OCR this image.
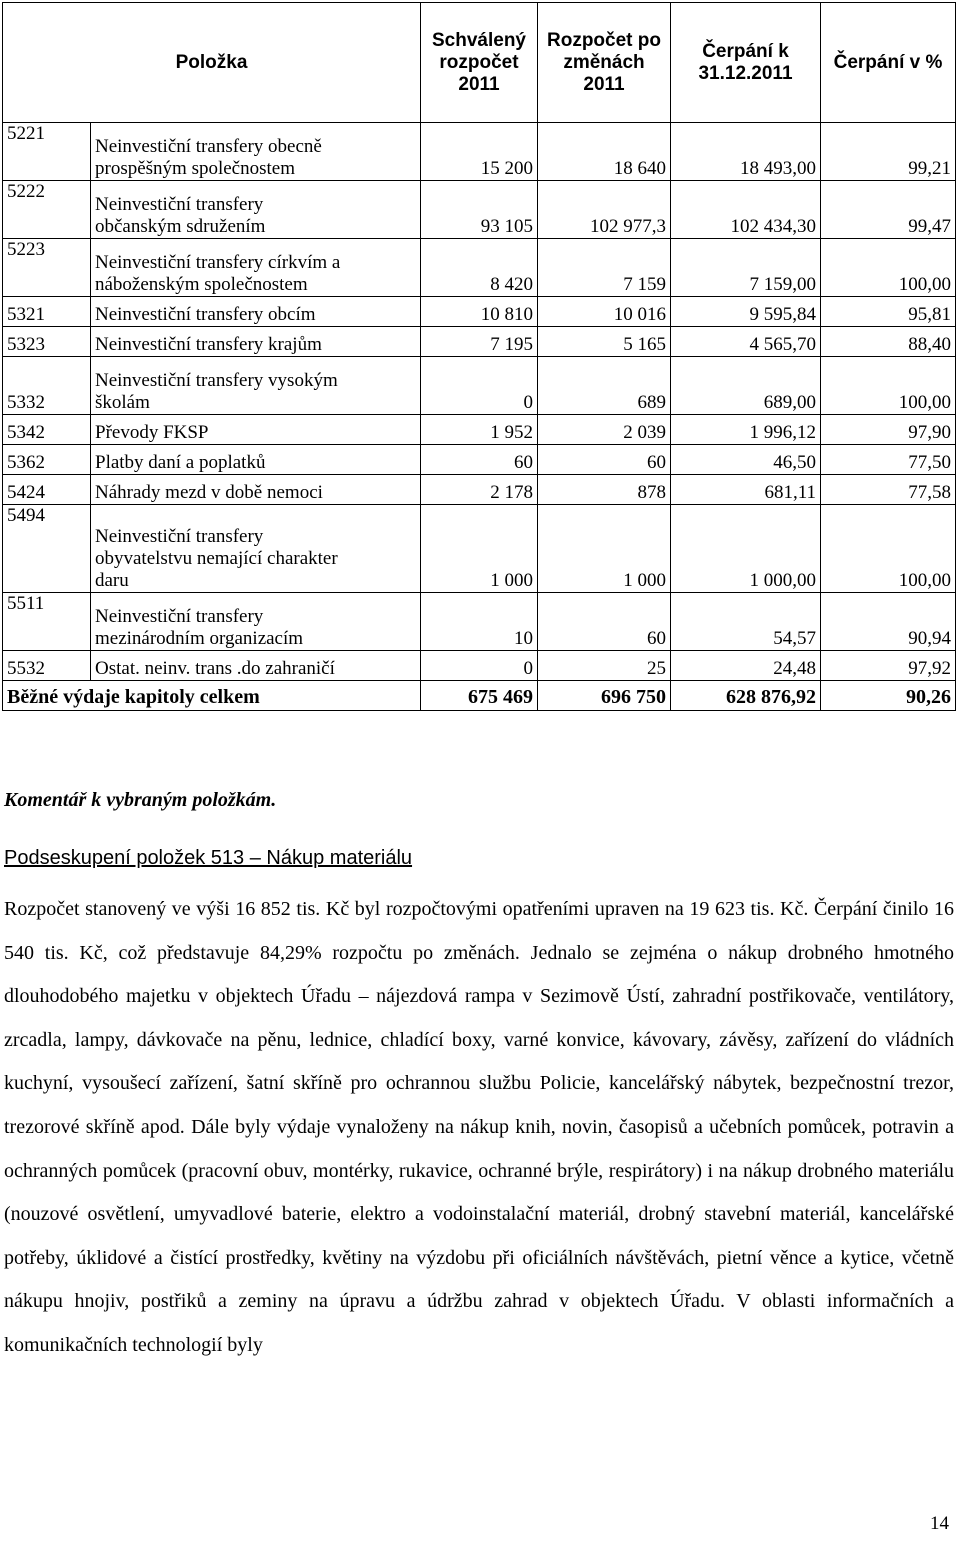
Položka		Schválený rozpočet 2011	Rozpočet po změnách 2011	Čerpání k 31.12.2011	Čerpání v %
5221	Neinvestiční transfery obecně
prospěšným společnostem	15 200	18 640	18 493,00	99,21
5222	Neinvestiční transfery
občanským sdružením	93 105	102 977,3	102 434,30	99,47
5223	Neinvestiční transfery církvím a
náboženským společnostem	8 420	7 159	7 159,00	100,00
5321	Neinvestiční transfery obcím	10 810	10 016	9 595,84	95,81
5323	Neinvestiční transfery krajům	7 195	5 165	4 565,70	88,40
5332	Neinvestiční transfery vysokým
školám	0	689	689,00	100,00
5342	Převody FKSP	1 952	2 039	1 996,12	97,90
5362	Platby daní a poplatků	60	60	46,50	77,50
5424	Náhrady mezd v době nemoci	2 178	878	681,11	77,58
5494	Neinvestiční transfery
obyvatelstvu nemající charakter
daru	1 000	1 000	1 000,00	100,00
5511	Neinvestiční transfery
mezinárodním organizacím	10	60	54,57	90,94
5532	Ostat. neinv. trans .do zahraničí	0	25	24,48	97,92
Běžné výdaje kapitoly celkem		675 469	696 750	628 876,92	90,26
Komentář k vybraným položkám.
Podseskupení položek 513 – Nákup materiálu
Rozpočet stanovený ve výši 16 852 tis. Kč byl rozpočtovými opatřeními upraven na 19 623 tis. Kč. Čerpání činilo 16 540 tis. Kč, což představuje 84,29% rozpočtu po změnách. Jednalo se zejména o nákup drobného hmotného dlouhodobého majetku v objektech Úřadu – nájezdová rampa v Sezimově Ústí, zahradní postřikovače, ventilátory, zrcadla, lampy, dávkovače na pěnu, lednice, chladící boxy, varné konvice, kávovary, závěsy, zařízení do vládních kuchyní, vysoušecí zařízení, šatní skříně pro ochrannou službu Policie, kancelářský nábytek, bezpečnostní trezor, trezorové skříně apod. Dále byly výdaje vynaloženy na nákup knih, novin, časopisů a učebních pomůcek, potravin a ochranných pomůcek (pracovní obuv, montérky, rukavice, ochranné brýle, respirátory) i na nákup drobného materiálu (nouzové osvětlení, umyvadlové baterie, elektro a vodoinstalační materiál, drobný stavební materiál, kancelářské potřeby, úklidové a čistící prostředky, květiny na výzdobu při oficiálních návštěvách, pietní věnce a kytice, včetně nákupu hnojiv, postřiků a zeminy na úpravu a údržbu zahrad v objektech Úřadu. V oblasti informačních a komunikačních technologií byly
14
